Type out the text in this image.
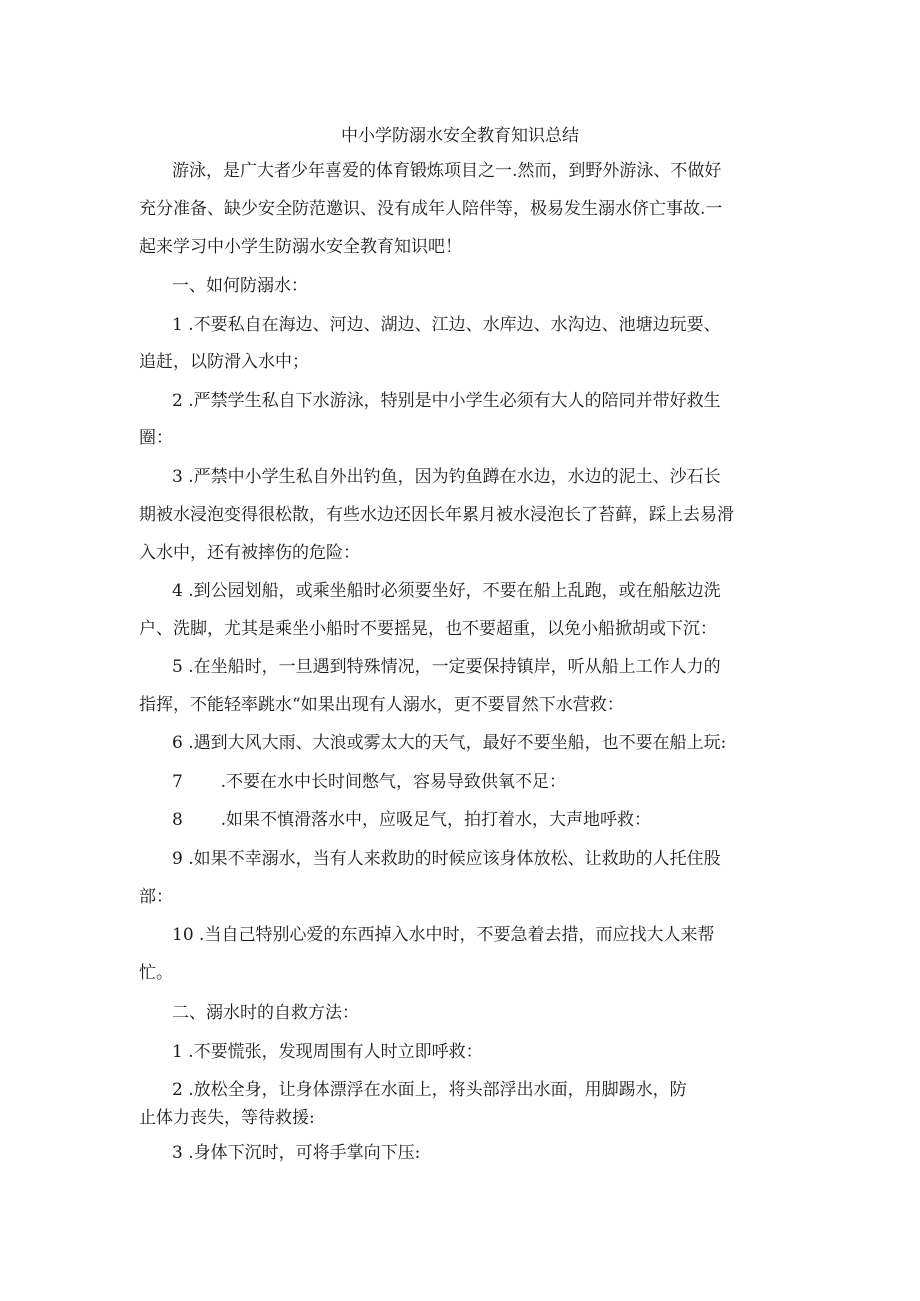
中小学防溺水安全教育知识总结
游泳，是广大者少年喜爱的体育锻炼项目之一.然而，到野外游泳、不做好
充分准备、缺少安全防范邀识、没有成年人陪伴等，极易发生溺水侪亡事故.一
起来学习中小学生防溺水安全教育知识吧！
一、如何防溺水：
1 .不要私自在海边、河边、湖边、江边、水库边、水沟边、池塘边玩要、
追赶，以防滑入水中；
2 .严禁学生私自下水游泳，特别是中小学生必须有大人的陪同并带好救生
圈：
3 .严禁中小学生私自外出钓鱼，因为钓鱼蹲在水边，水边的泥土、沙石长
期被水浸泡变得很松散，有些水边还因长年累月被水浸泡长了苔藓，踩上去易滑
入水中，还有被摔伤的危险：
4 .到公园划船，或乘坐船时必须要坐好，不要在船上乱跑，或在船舷边洗
户、洗脚，尤其是乘坐小船时不要摇晃，也不要超重，以免小船掀胡或下沉：
5 .在坐船时，一旦遇到特殊情况，一定要保持镇岸，听从船上工作人力的
指挥，不能轻率跳水“如果出现有人溺水，更不要冒然下水营救：
6 .遇到大风大雨、大浪或雾太大的天气，最好不要坐船，也不要在船上玩:
7       .不要在水中长时间憋气，容易导致供氧不足：
8       .如果不慎滑落水中，应吸足气，拍打着水，大声地呼救：
9 .如果不幸溺水，当有人来救助的时候应该身体放松、让救助的人托住股
部：
10 .当自己特别心爱的东西掉入水中时，不要急着去措，而应找大人来帮
忙。
二、溺水时的自救方法：
1 .不要慌张，发现周围有人时立即呼救：
2 .放松全身，让身体漂浮在水面上，将头部浮出水面，用脚踢水，防
止体力丧失，等待救援:
3 .身体下沉时，可将手掌向下压:
